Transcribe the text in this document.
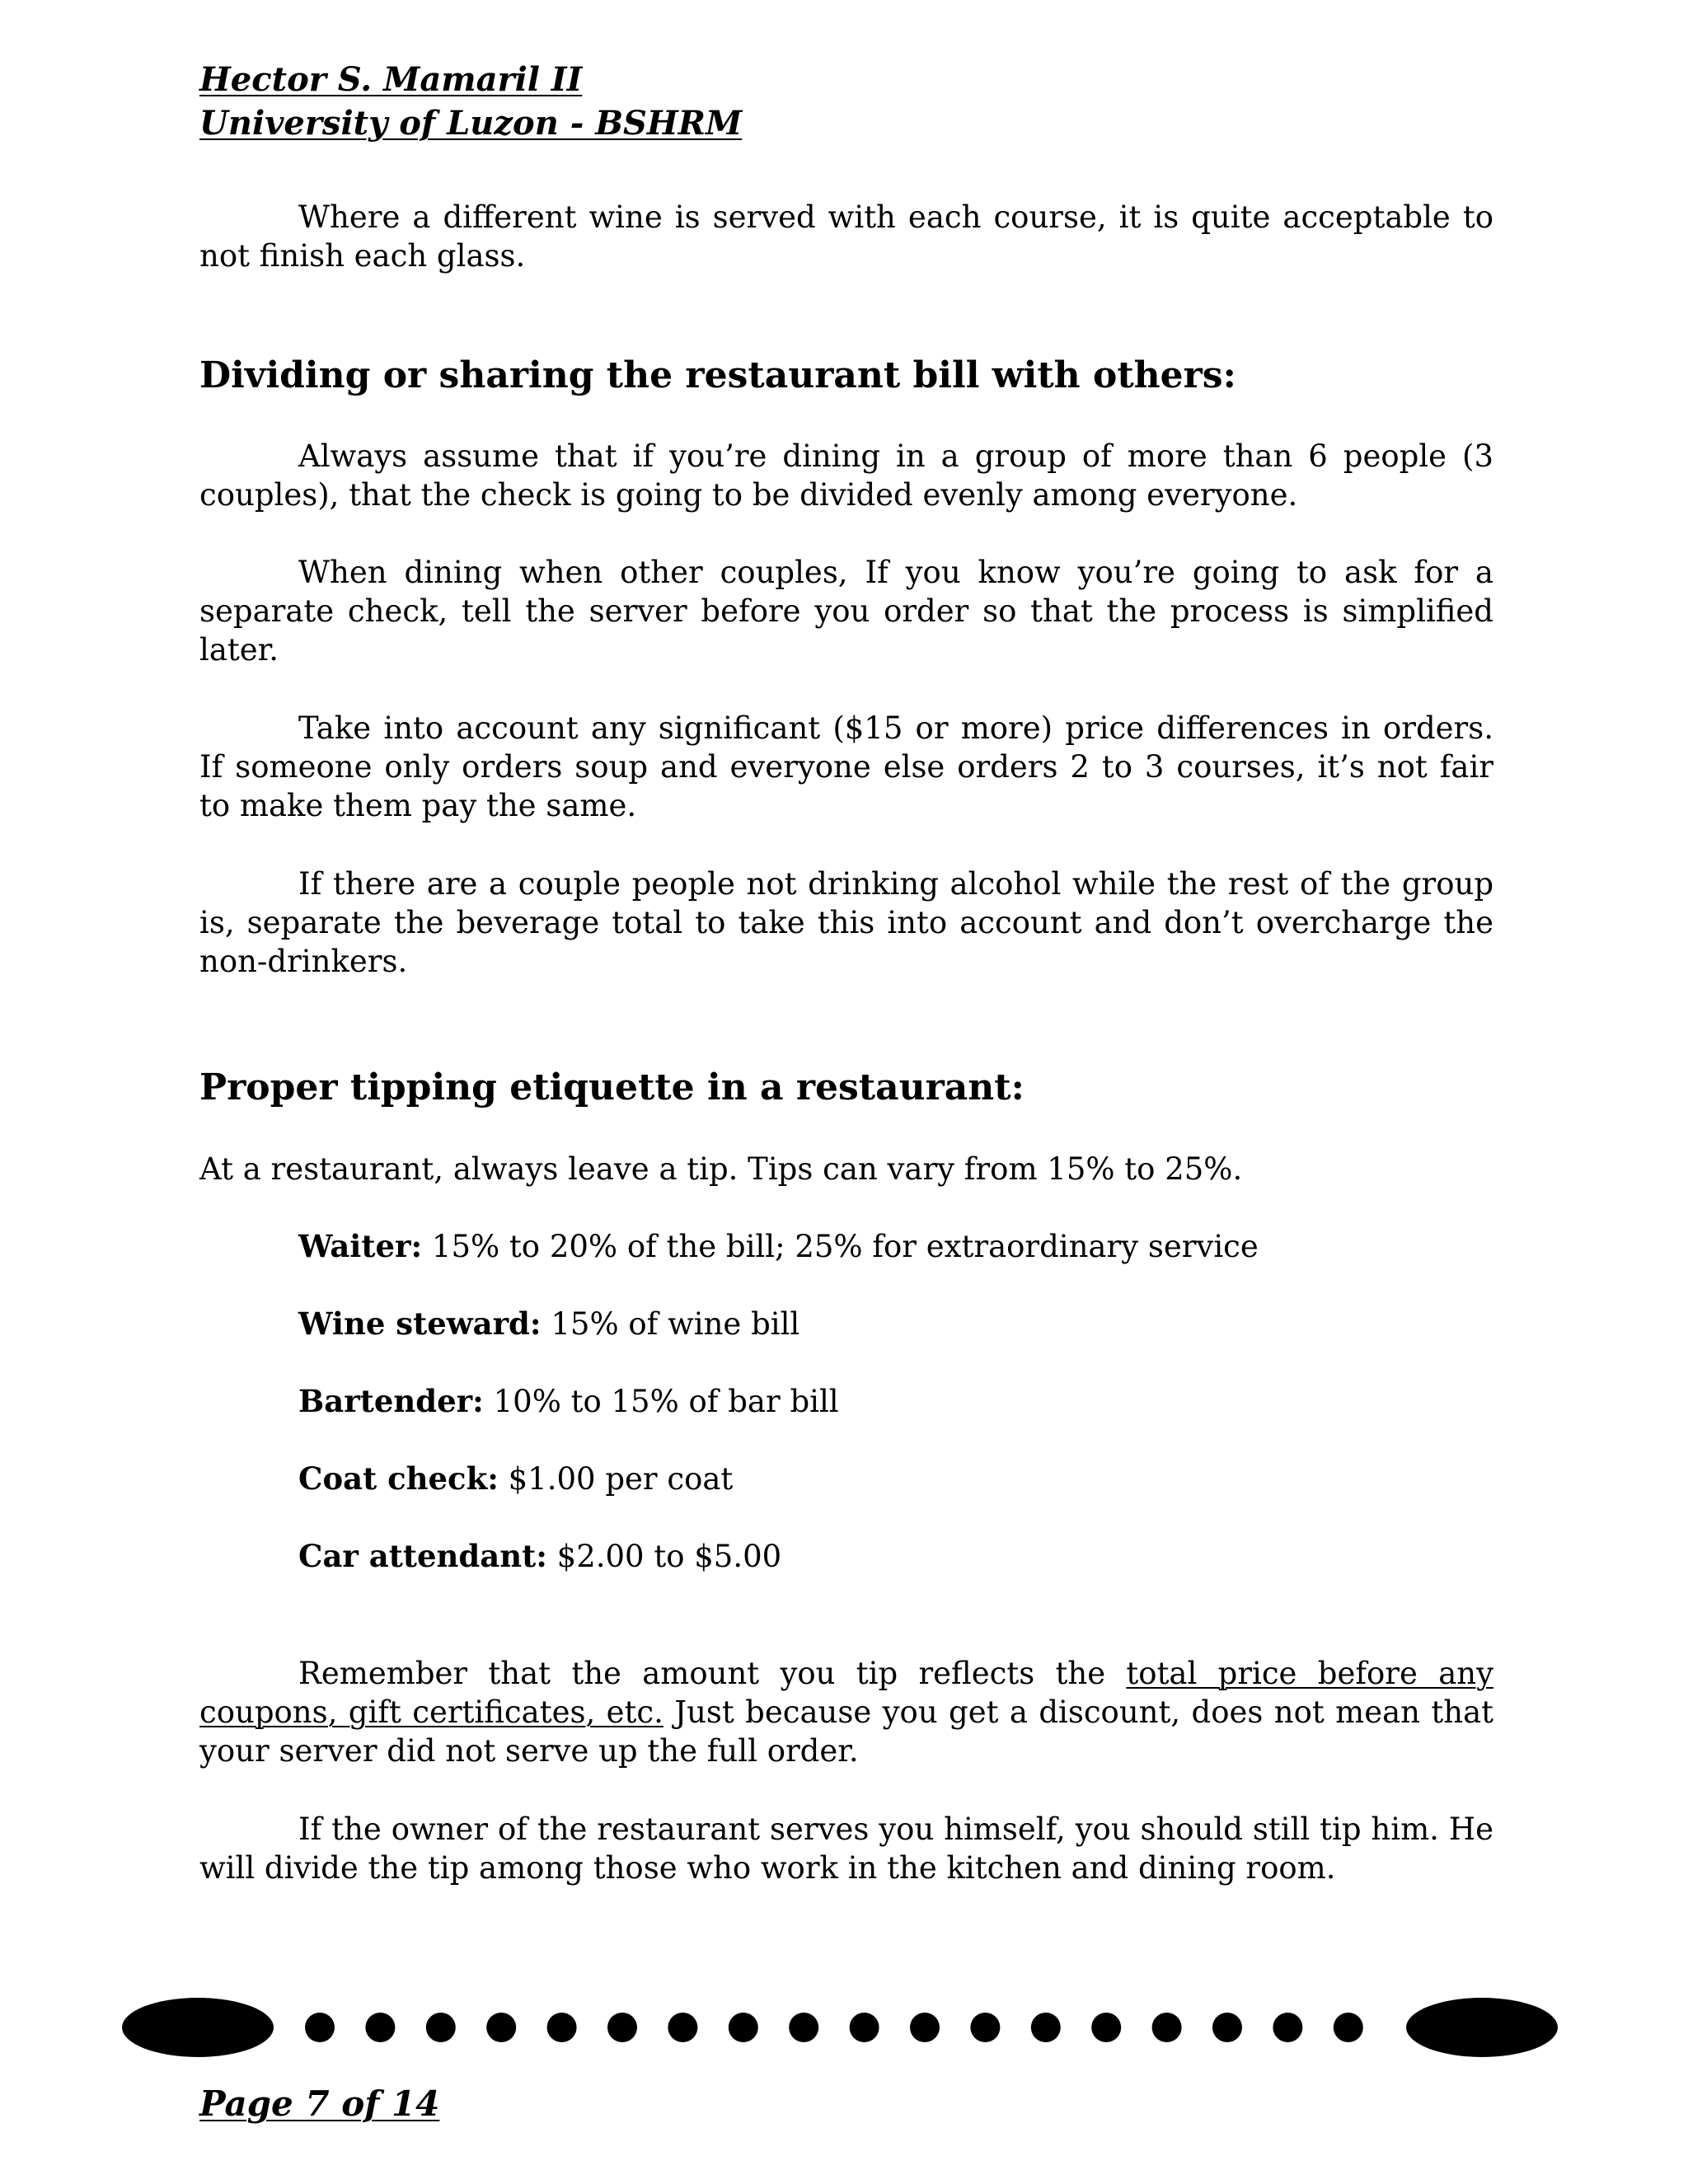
Hector S. Mamaril II
University of Luzon - BSHRM

Where a different wine is served with each course, it is quite acceptable to not finish each glass.

Dividing or sharing the restaurant bill with others:

Always assume that if you’re dining in a group of more than 6 people (3 couples), that the check is going to be divided evenly among everyone.

When dining when other couples, If you know you’re going to ask for a separate check, tell the server before you order so that the process is simplified later.

Take into account any significant ($15 or more) price differences in orders. If someone only orders soup and everyone else orders 2 to 3 courses, it’s not fair to make them pay the same.

If there are a couple people not drinking alcohol while the rest of the group is, separate the beverage total to take this into account and don’t overcharge the non-drinkers.

Proper tipping etiquette in a restaurant:

At a restaurant, always leave a tip. Tips can vary from 15% to 25%.

Waiter: 15% to 20% of the bill; 25% for extraordinary service

Wine steward: 15% of wine bill

Bartender: 10% to 15% of bar bill

Coat check: $1.00 per coat

Car attendant: $2.00 to $5.00

Remember that the amount you tip reflects the total price before any coupons, gift certificates, etc. Just because you get a discount, does not mean that your server did not serve up the full order.

If the owner of the restaurant serves you himself, you should still tip him. He will divide the tip among those who work in the kitchen and dining room.

Page 7 of 14
